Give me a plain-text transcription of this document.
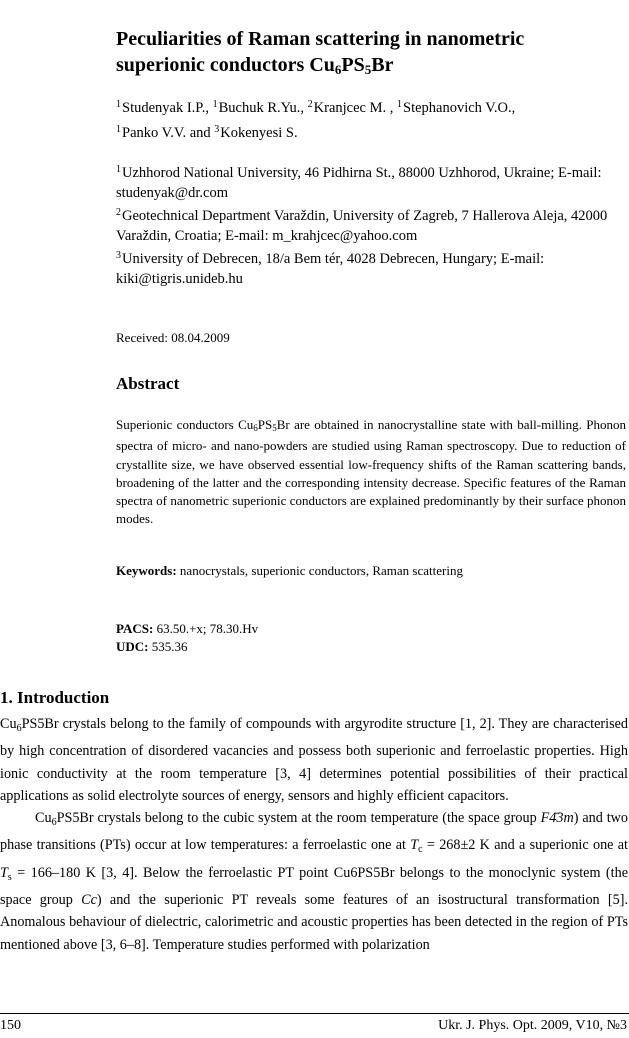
Peculiarities of Raman scattering in nanometric superionic conductors $Cu_6PS_5Br$
$^1$Studenyak I.P., $^1$Buchuk R.Yu., $^2$Kranjcec M. , $^1$Stephanovich V.O.,
$^1$Panko V.V. and $^3$Kokenyesi S.
$^1$Uzhhorod National University, 46 Pidhirna St., 88000 Uzhhorod, Ukraine; E-mail: studenyak@dr.com
$^2$Geotechnical Department Varaždin, University of Zagreb, 7 Hallerova Aleja, 42000 Varaždin, Croatia; E-mail: m_krahjcec@yahoo.com
$^3$University of Debrecen, 18/a Bem tér, 4028 Debrecen, Hungary; E-mail: kiki@tigris.unideb.hu
Received: 08.04.2009
Abstract
Superionic conductors $Cu_6PS_5Br$ are obtained in nanocrystalline state with ball-milling. Phonon spectra of micro- and nano-powders are studied using Raman spectroscopy. Due to reduction of crystallite size, we have observed essential low-frequency shifts of the Raman scattering bands, broadening of the latter and the corresponding intensity decrease. Specific features of the Raman spectra of nanometric superionic conductors are explained predominantly by their surface phonon modes.
Keywords: nanocrystals, superionic conductors, Raman scattering
PACS: 63.50.+x; 78.30.Hv
UDC: 535.36
1. Introduction

$Cu_6PS5Br$ crystals belong to the family of compounds with argyrodite structure [1, 2]. They are characterised by high concentration of disordered vacancies and possess both superionic and ferroelastic properties. High ionic conductivity at the room temperature [3, 4] determines potential possibilities of their practical applications as solid electrolyte sources of energy, sensors and highly efficient capacitors.

$Cu_6PS5Br$ crystals belong to the cubic system at the room temperature (the space group F4̄3m) and two phase transitions (PTs) occur at low temperatures: a ferroelastic one at $T_c = 268\pm 2$ K and a superionic one at $T_s = 166-180$ K [3, 4]. Below the ferroelastic PT point Cu6PS5Br belongs to the monoclynic system (the space group Cc) and the superionic PT reveals some features of an isostructural transformation [5]. Anomalous behaviour of dielectric, calorimetric and acoustic properties has been detected in the region of PTs mentioned above [3, 6–8]. Temperature studies performed with polarization

150	Ukr. J. Phys. Opt. 2009, V10, №3
